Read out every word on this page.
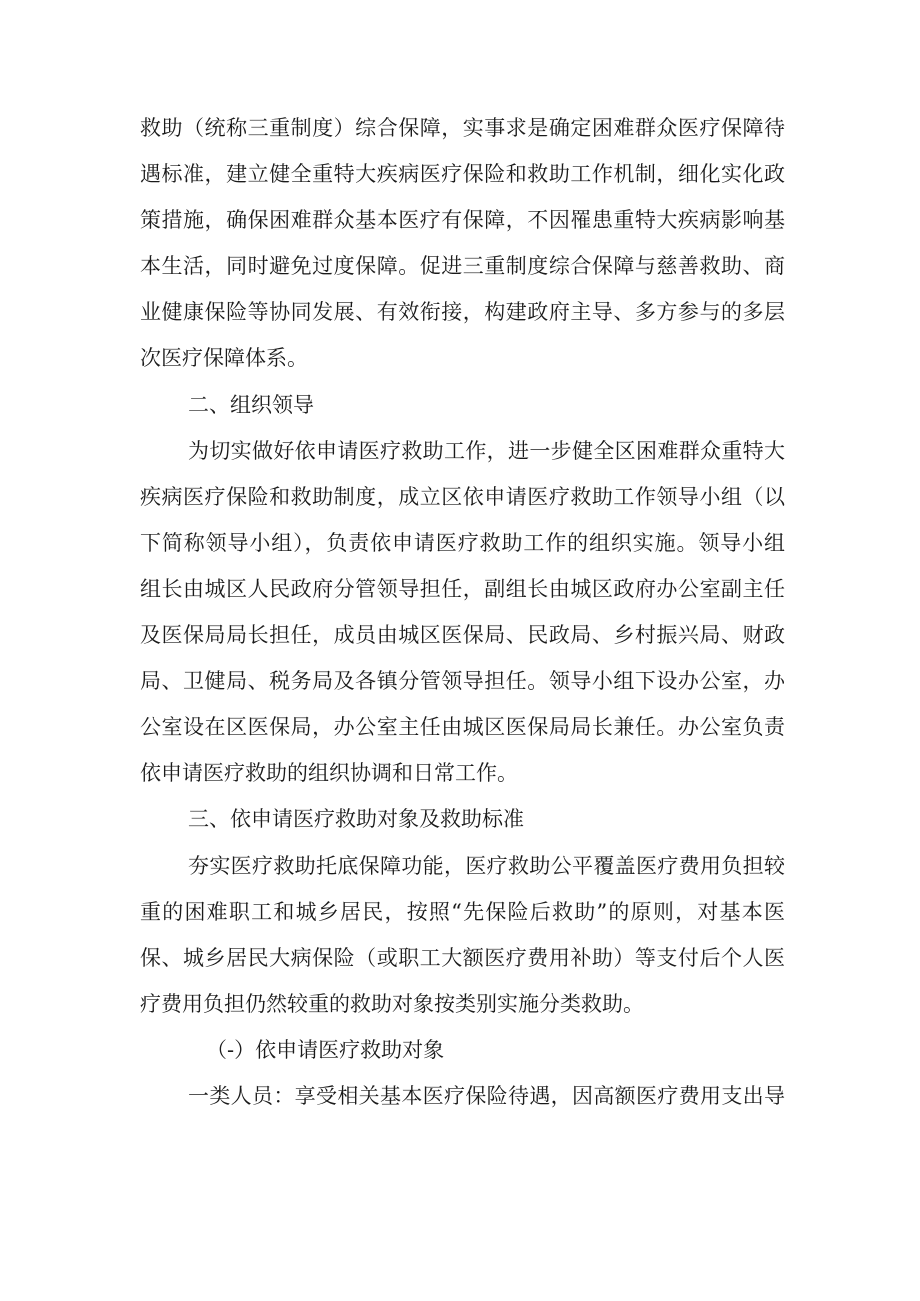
救助（统称三重制度）综合保障，实事求是确定困难群众医疗保障待
遇标准，建立健全重特大疾病医疗保险和救助工作机制，细化实化政
策措施，确保困难群众基本医疗有保障，不因罹患重特大疾病影响基
本生活，同时避免过度保障。促进三重制度综合保障与慈善救助、商
业健康保险等协同发展、有效衔接，构建政府主导、多方参与的多层
次医疗保障体系。
二、组织领导
为切实做好依申请医疗救助工作，进一步健全区困难群众重特大
疾病医疗保险和救助制度，成立区依申请医疗救助工作领导小组（以
下简称领导小组），负责依申请医疗救助工作的组织实施。领导小组
组长由城区人民政府分管领导担任，副组长由城区政府办公室副主任
及医保局局长担任，成员由城区医保局、民政局、乡村振兴局、财政
局、卫健局、税务局及各镇分管领导担任。领导小组下设办公室，办
公室设在区医保局，办公室主任由城区医保局局长兼任。办公室负责
依申请医疗救助的组织协调和日常工作。
三、依申请医疗救助对象及救助标准
夯实医疗救助托底保障功能，医疗救助公平覆盖医疗费用负担较
重的困难职工和城乡居民，按照“先保险后救助”的原则，对基本医
保、城乡居民大病保险（或职工大额医疗费用补助）等支付后个人医
疗费用负担仍然较重的救助对象按类别实施分类救助。
（-）依申请医疗救助对象
一类人员：享受相关基本医疗保险待遇，因高额医疗费用支出导
